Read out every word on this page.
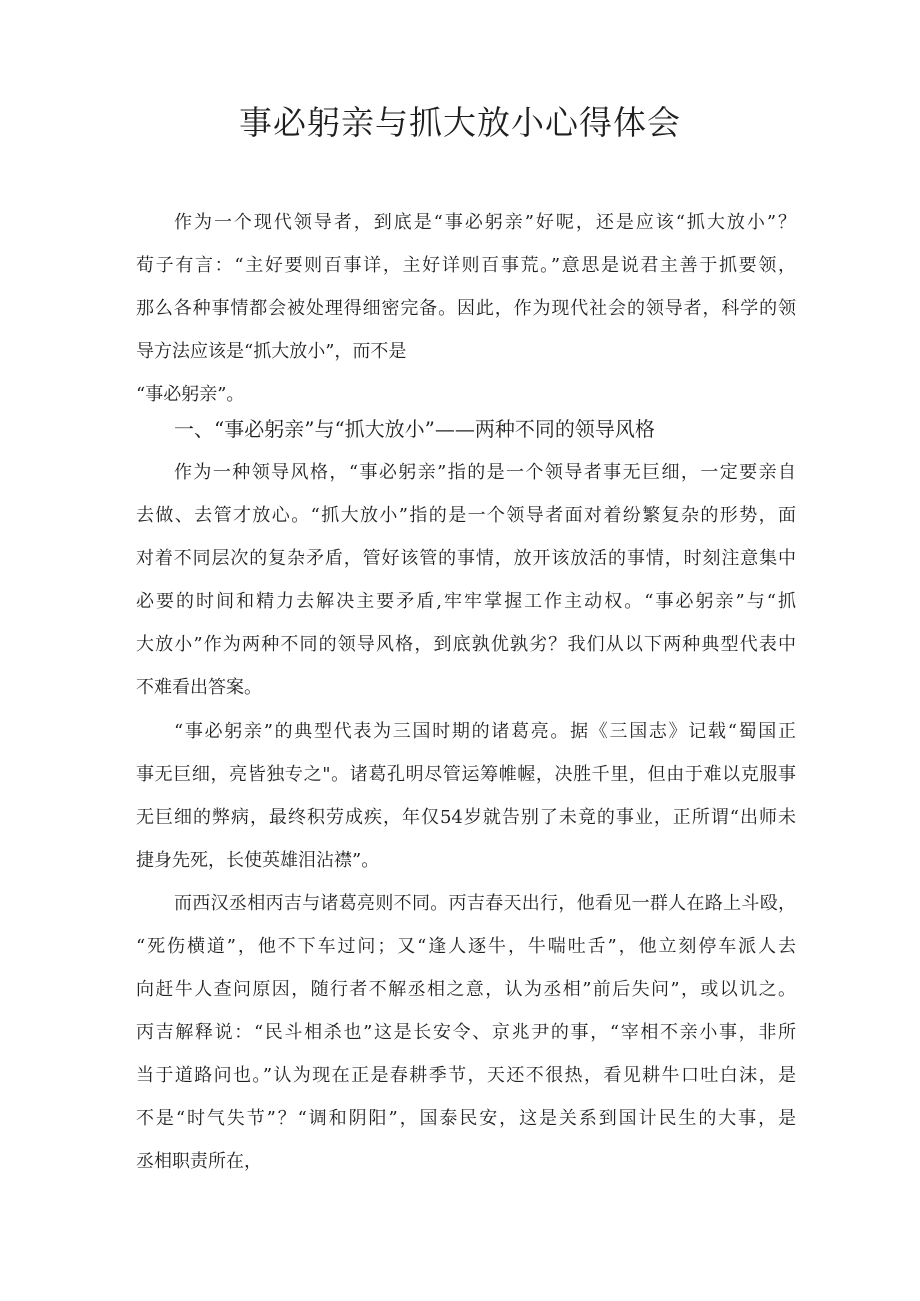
事必躬亲与抓大放小心得体会
作为一个现代领导者，到底是“事必躬亲”好呢，还是应该“抓大放小”？
荀子有言：“主好要则百事详，主好详则百事荒。”意思是说君主善于抓要领，
那么各种事情都会被处理得细密完备。因此，作为现代社会的领导者，科学的领
导方法应该是“抓大放小”，而不是
“事必躬亲”。
一、“事必躬亲”与“抓大放小”——两种不同的领导风格
作为一种领导风格，“事必躬亲”指的是一个领导者事无巨细，一定要亲自
去做、去管才放心。“抓大放小”指的是一个领导者面对着纷繁复杂的形势，面
对着不同层次的复杂矛盾，管好该管的事情，放开该放活的事情，时刻注意集中
必要的时间和精力去解决主要矛盾,牢牢掌握工作主动权。“事必躬亲”与“抓
大放小”作为两种不同的领导风格，到底孰优孰劣？我们从以下两种典型代表中
不难看出答案。
“事必躬亲”的典型代表为三国时期的诸葛亮。据《三国志》记载“蜀国正
事无巨细，亮皆独专之"。诸葛孔明尽管运筹帷幄，决胜千里，但由于难以克服事
无巨细的弊病，最终积劳成疾，年仅54岁就告别了未竟的事业，正所谓“出师未
捷身先死，长使英雄泪沾襟”。
而西汉丞相丙吉与诸葛亮则不同。丙吉春天出行，他看见一群人在路上斗殴，
“死伤横道”，他不下车过问；又“逢人逐牛，牛喘吐舌”，他立刻停车派人去
向赶牛人查问原因，随行者不解丞相之意，认为丞相”前后失问”，或以讥之。
丙吉解释说：“民斗相杀也”这是长安令、京兆尹的事，“宰相不亲小事，非所
当于道路问也。”认为现在正是春耕季节，天还不很热，看见耕牛口吐白沫，是
不是“时气失节”？“调和阴阳”，国泰民安，这是关系到国计民生的大事，是
丞相职责所在，
